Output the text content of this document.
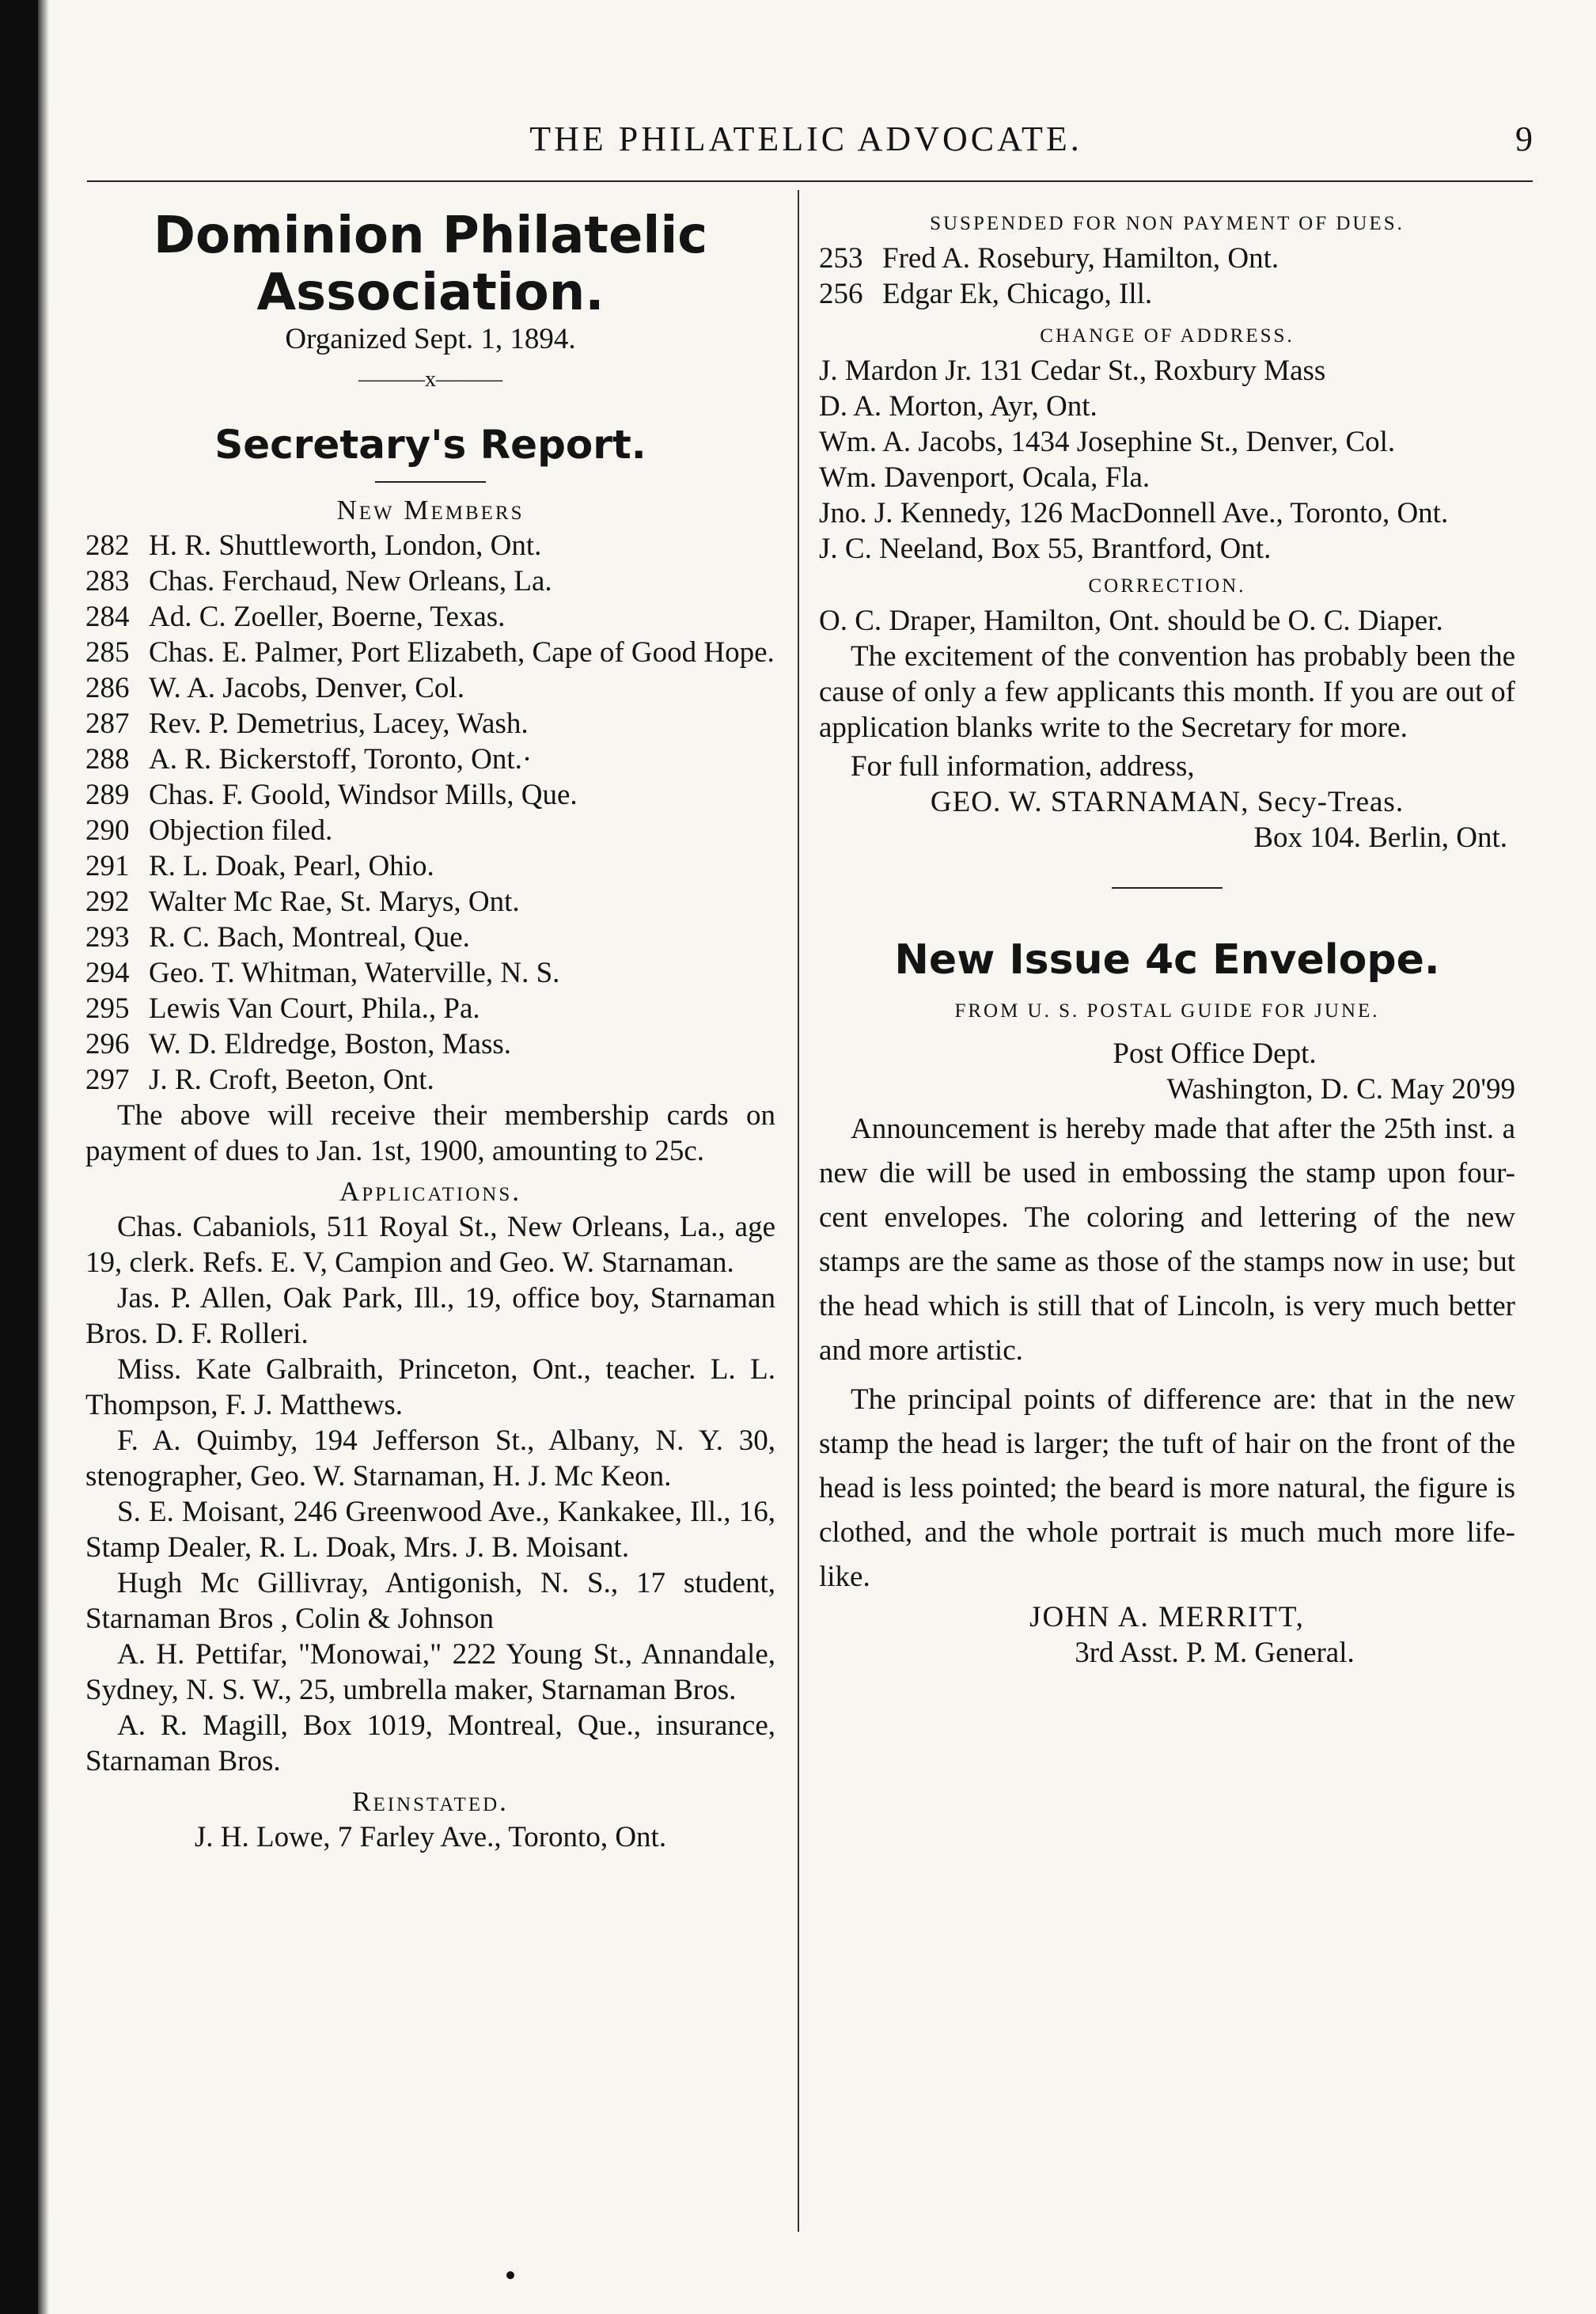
THE PHILATELIC ADVOCATE.	9

Dominion Philatelic

Association.

Organized Sept. 1, 1894.

———x———

Secretary's Report.

New Members

282 H. R. Shuttleworth, London, Ont.

283 Chas. Ferchaud, New Orleans, La.

284 Ad. C. Zoeller, Boerne, Texas.

285 Chas. E. Palmer, Port Elizabeth, Cape of Good Hope.

286 W. A. Jacobs, Denver, Col.

287 Rev. P. Demetrius, Lacey, Wash.

288 A. R. Bickerstoff, Toronto, Ont.·

289 Chas. F. Goold, Windsor Mills, Que.

290 Objection filed.

291 R. L. Doak, Pearl, Ohio.

292 Walter Mc Rae, St. Marys, Ont.

293 R. C. Bach, Montreal, Que.

294 Geo. T. Whitman, Waterville, N. S.

295 Lewis Van Court, Phila., Pa.

296 W. D. Eldredge, Boston, Mass.

297 J. R. Croft, Beeton, Ont.

The above will receive their membership cards on payment of dues to Jan. 1st, 1900, amounting to 25c.

Applications.

Chas. Cabaniols, 511 Royal St., New Orleans, La., age 19, clerk. Refs. E. V, Campion and Geo. W. Starnaman.

Jas. P. Allen, Oak Park, Ill., 19, office boy, Starnaman Bros. D. F. Rolleri.

Miss. Kate Galbraith, Princeton, Ont., teacher. L. L. Thompson, F. J. Matthews.

F. A. Quimby, 194 Jefferson St., Albany, N. Y. 30, stenographer, Geo. W. Starnaman, H. J. Mc Keon.

S. E. Moisant, 246 Greenwood Ave., Kankakee, Ill., 16, Stamp Dealer, R. L. Doak, Mrs. J. B. Moisant.

Hugh Mc Gillivray, Antigonish, N. S., 17 student, Starnaman Bros , Colin & Johnson

A. H. Pettifar, "Monowai," 222 Young St., Annandale, Sydney, N. S. W., 25, umbrella maker, Starnaman Bros.

A. R. Magill, Box 1019, Montreal, Que., insurance, Starnaman Bros.

Reinstated.

J. H. Lowe, 7 Farley Ave., Toronto, Ont.

SUSPENDED FOR NON PAYMENT OF DUES.

253 Fred A. Rosebury, Hamilton, Ont.

256 Edgar Ek, Chicago, Ill.

CHANGE OF ADDRESS.

J. Mardon Jr. 131 Cedar St., Roxbury Mass

D. A. Morton, Ayr, Ont.

Wm. A. Jacobs, 1434 Josephine St., Denver, Col.

Wm. Davenport, Ocala, Fla.

Jno. J. Kennedy, 126 MacDonnell Ave., Toronto, Ont.

J. C. Neeland, Box 55, Brantford, Ont.

CORRECTION.

O. C. Draper, Hamilton, Ont. should be O. C. Diaper.

The excitement of the convention has probably been the cause of only a few applicants this month. If you are out of application blanks write to the Secretary for more.

For full information, address,

GEO. W. STARNAMAN, Secy-Treas.

Box 104. Berlin, Ont.

New Issue 4c Envelope.

FROM U. S. POSTAL GUIDE FOR JUNE.

Post Office Dept.

Washington, D. C. May 20'99

Announcement is hereby made that after the 25th inst. a new die will be used in embossing the stamp upon four-cent envelopes. The coloring and lettering of the new stamps are the same as those of the stamps now in use; but the head which is still that of Lincoln, is very much better and more artistic.

The principal points of difference are: that in the new stamp the head is larger; the tuft of hair on the front of the head is less pointed; the beard is more natural, the figure is clothed, and the whole portrait is much much more life-like.

JOHN A. MERRITT,

3rd Asst. P. M. General.
